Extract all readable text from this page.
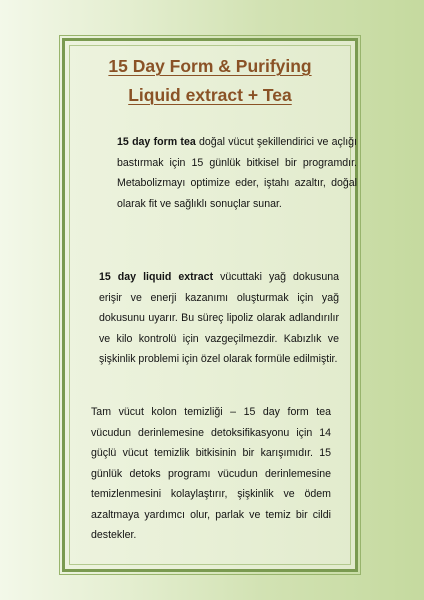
15 Day Form & Purifying
Liquid extract + Tea

15 day form tea doğal vücut şekillendirici ve açlığı bastırmak için 15 günlük bitkisel bir programdır. Metabolizmayı optimize eder, iştahı azaltır, doğal olarak fit ve sağlıklı sonuçlar sunar.

15 day liquid extract vücuttaki yağ dokusuna erişir ve enerji kazanımı oluşturmak için yağ dokusunu uyarır. Bu süreç lipoliz olarak adlandırılır ve kilo kontrolü için vazgeçilmezdir. Kabızlık ve şişkinlik problemi için özel olarak formüle edilmiştir.

Tam vücut kolon temizliği – 15 day form tea vücudun derinlemesine detoksifikasyonu için 14 güçlü vücut temizlik bitkisinin bir karışımıdır. 15 günlük detoks programı vücudun derinlemesine temizlenmesini kolaylaştırır, şişkinlik ve ödem azaltmaya yardımcı olur, parlak ve temiz bir cildi destekler.
